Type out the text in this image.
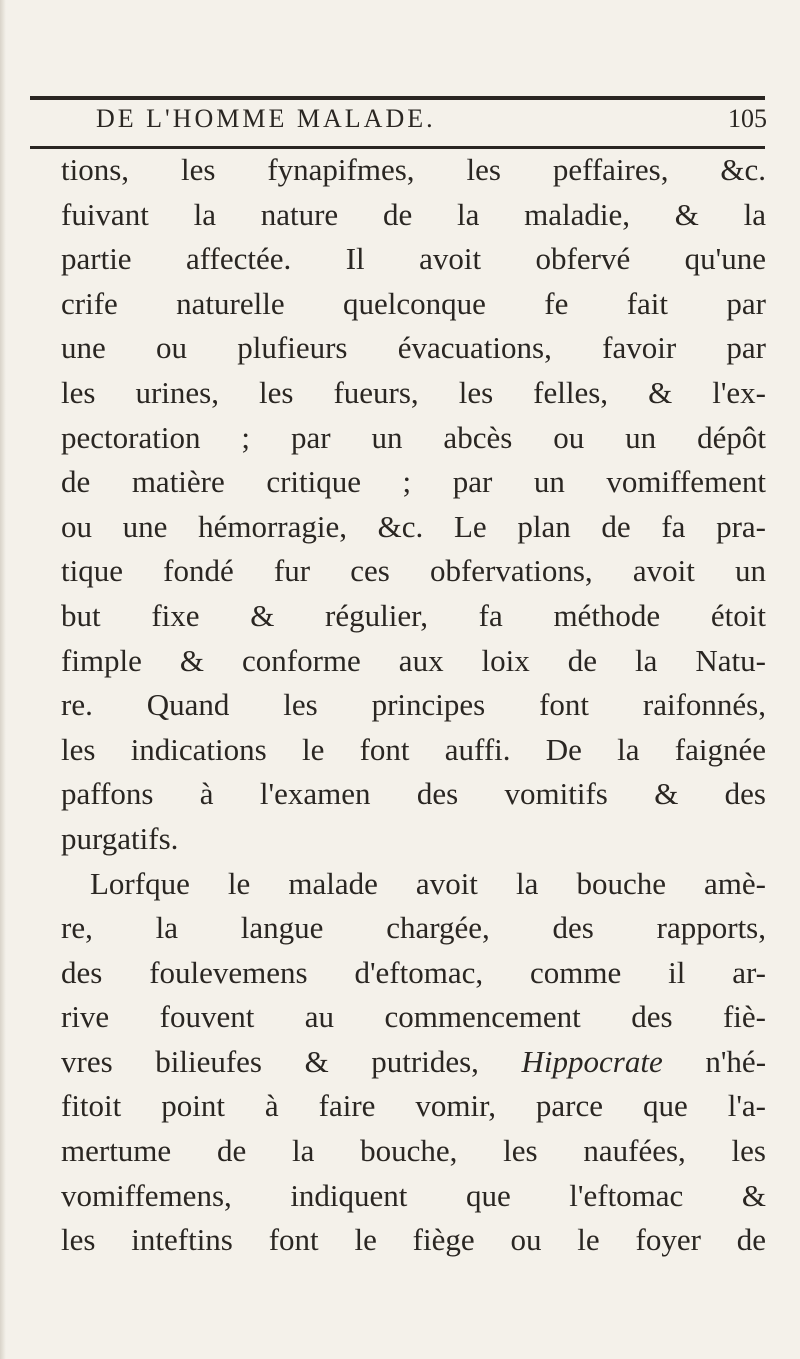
DE L'HOMME MALADE.	105
tions, les fynapifmes, les peffaires, &c.
fuivant la nature de la maladie, & la
partie affectée. Il avoit obfervé qu'une
crife naturelle quelconque fe fait par
une ou plufieurs évacuations, favoir par
les urines, les fueurs, les felles, & l'ex-
pectoration ; par un abcès ou un dépôt
de matière critique ; par un vomiffement
ou une hémorragie, &c. Le plan de fa pra-
tique fondé fur ces obfervations, avoit un
but fixe & régulier, fa méthode étoit
fimple & conforme aux loix de la Natu-
re. Quand les principes font raifonnés,
les indications le font auffi. De la faignée
paffons à l'examen des vomitifs & des
purgatifs.
Lorfque le malade avoit la bouche amè-
re, la langue chargée, des rapports,
des foulevemens d'eftomac, comme il ar-
rive fouvent au commencement des fiè-
vres bilieufes & putrides, Hippocrate n'hé-
fitoit point à faire vomir, parce que l'a-
mertume de la bouche, les naufées, les
vomiffemens, indiquent que l'eftomac &
les inteftins font le fiège ou le foyer de
